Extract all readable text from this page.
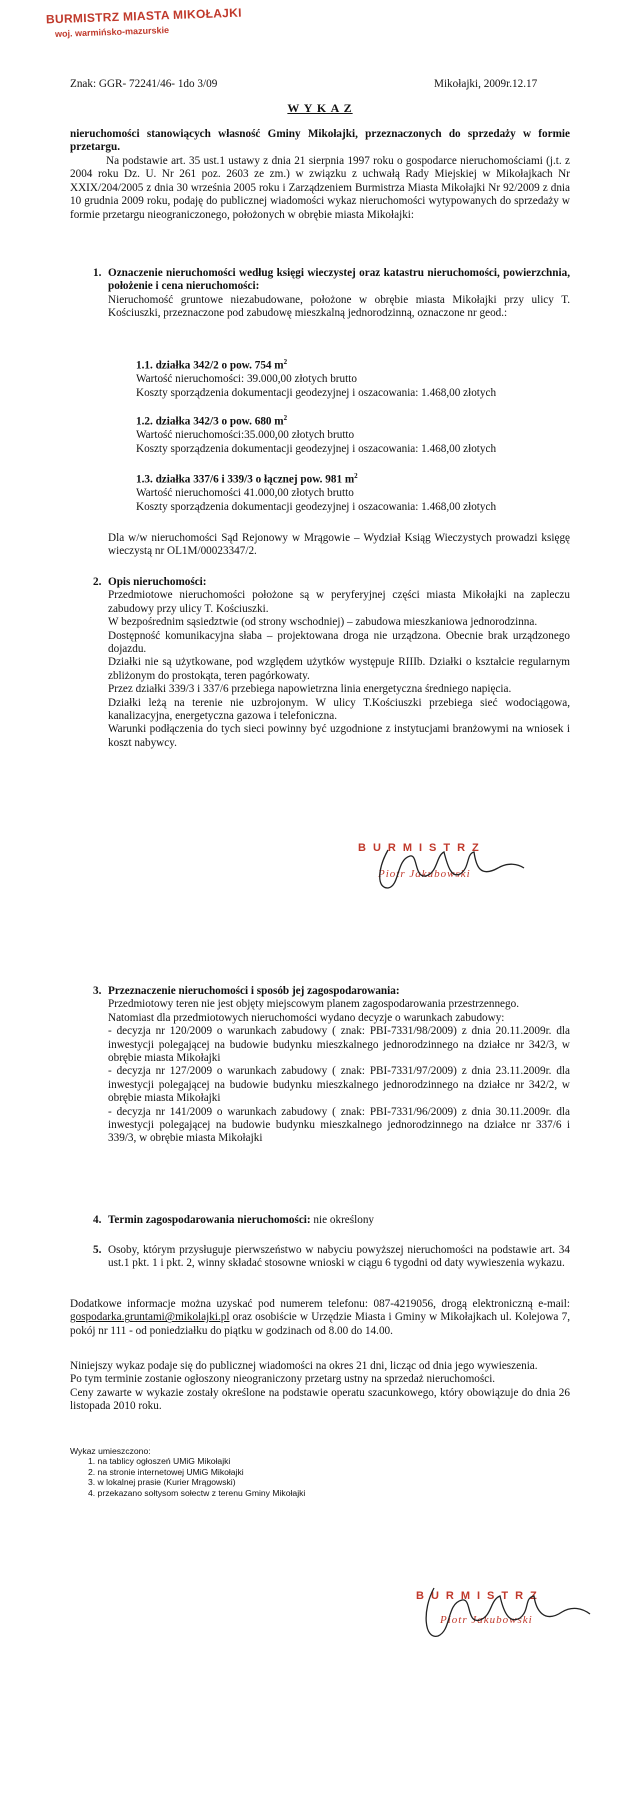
BURMISTRZ MIASTA MIKOŁAJKI
woj. warmińsko-mazurskie
Znak: GGR- 72241/46- 1do 3/09	Mikołajki, 2009r.12.17
W Y K A Z
nieruchomości stanowiących własność Gminy Mikołajki, przeznaczonych do sprzedaży w formie przetargu.
Na podstawie art. 35 ust.1 ustawy z dnia 21 sierpnia 1997 roku o gospodarce nieruchomościami (j.t. z 2004 roku Dz. U. Nr 261 poz. 2603 ze zm.) w związku z uchwałą Rady Miejskiej w Mikołajkach Nr XXIX/204/2005 z dnia 30 września 2005 roku i Zarządzeniem Burmistrza Miasta Mikołajki Nr 92/2009 z dnia 10 grudnia 2009 roku, podaję do publicznej wiadomości wykaz nieruchomości wytypowanych do sprzedaży w formie przetargu nieograniczonego, położonych w obrębie miasta Mikołajki:
1. Oznaczenie nieruchomości według księgi wieczystej oraz katastru nieruchomości, powierzchnia, położenie i cena nieruchomości:
Nieruchomość gruntowe niezabudowane, położone w obrębie miasta Mikołajki przy ulicy T. Kościuszki, przeznaczone pod zabudowę mieszkalną jednorodzinną, oznaczone nr geod.:
1.1. działka 342/2 o pow. 754 $m^2$
Wartość nieruchomości: 39.000,00 złotych brutto
Koszty sporządzenia dokumentacji geodezyjnej i oszacowania: 1.468,00 złotych
1.2. działka 342/3 o pow. 680 $m^2$
Wartość nieruchomości:35.000,00 złotych brutto
Koszty sporządzenia dokumentacji geodezyjnej i oszacowania: 1.468,00 złotych
1.3. działka 337/6 i 339/3 o łącznej pow. 981 $m^2$
Wartość nieruchomości 41.000,00 złotych brutto
Koszty sporządzenia dokumentacji geodezyjnej i oszacowania: 1.468,00 złotych
Dla w/w nieruchomości Sąd Rejonowy w Mrągowie – Wydział Ksiąg Wieczystych prowadzi księgę wieczystą nr OL1M/00023347/2.
2. Opis nieruchomości:

Przedmiotowe nieruchomości położone są w peryferyjnej części miasta Mikołajki na zapleczu zabudowy przy ulicy T. Kościuszki.

W bezpośrednim sąsiedztwie (od strony wschodniej) – zabudowa mieszkaniowa jednorodzinna.

Dostępność komunikacyjna słaba – projektowana droga nie urządzona. Obecnie brak urządzonego dojazdu.

Działki nie są użytkowane, pod względem użytków występuje RIIIb. Działki o kształcie regularnym zbliżonym do prostokąta, teren pagórkowaty.

Przez działki 339/3 i 337/6 przebiega napowietrzna linia energetyczna średniego napięcia.

Działki leżą na terenie nie uzbrojonym. W ulicy T.Kościuszki przebiega sieć wodociągowa, kanalizacyjna, energetyczna gazowa i telefoniczna.

Warunki podłączenia do tych sieci powinny być uzgodnione z instytucjami branżowymi na wniosek i koszt nabywcy.

BURMISTRZ
Piotr Jakubowski
3. Przeznaczenie nieruchomości i sposób jej zagospodarowania:

Przedmiotowy teren nie jest objęty miejscowym planem zagospodarowania przestrzennego.

Natomiast dla przedmiotowych nieruchomości wydano decyzje o warunkach zabudowy:

- decyzja nr 120/2009 o warunkach zabudowy ( znak: PBI-7331/98/2009) z dnia 20.11.2009r. dla inwestycji polegającej na budowie budynku mieszkalnego jednorodzinnego na działce nr 342/3, w obrębie miasta Mikołajki

- decyzja nr 127/2009 o warunkach zabudowy ( znak: PBI-7331/97/2009) z dnia 23.11.2009r. dla inwestycji polegającej na budowie budynku mieszkalnego jednorodzinnego na działce nr 342/2, w obrębie miasta Mikołajki

- decyzja nr 141/2009 o warunkach zabudowy ( znak: PBI-7331/96/2009) z dnia 30.11.2009r. dla inwestycji polegającej na budowie budynku mieszkalnego jednorodzinnego na działce nr 337/6 i 339/3, w obrębie miasta Mikołajki

4. Termin zagospodarowania nieruchomości: nie określony
5. Osoby, którym przysługuje pierwszeństwo w nabyciu powyższej nieruchomości na podstawie art. 34 ust.1 pkt. 1 i pkt. 2, winny składać stosowne wnioski w ciągu 6 tygodni od daty wywieszenia wykazu.
Dodatkowe informacje można uzyskać pod numerem telefonu: 087-4219056, drogą elektroniczną e-mail: gospodarka.gruntami@mikolajki.pl oraz osobiście w Urzędzie Miasta i Gminy w Mikołajkach ul. Kolejowa 7, pokój nr 111 - od poniedziałku do piątku w godzinach od 8.00 do 14.00.

Niniejszy wykaz podaje się do publicznej wiadomości na okres 21 dni, licząc od dnia jego wywieszenia.

Po tym terminie zostanie ogłoszony nieograniczony przetarg ustny na sprzedaż nieruchomości.

Ceny zawarte w wykazie zostały określone na podstawie operatu szacunkowego, który obowiązuje do dnia 26 listopada 2010 roku.

Wykaz umieszczono:
1. na tablicy ogłoszeń UMiG Mikołajki
2. na stronie internetowej UMiG Mikołajki
3. w lokalnej prasie (Kurier Mrągowski)
4. przekazano sołtysom sołectw z terenu Gminy Mikołajki
BURMISTRZ
Piotr Jakubowski
